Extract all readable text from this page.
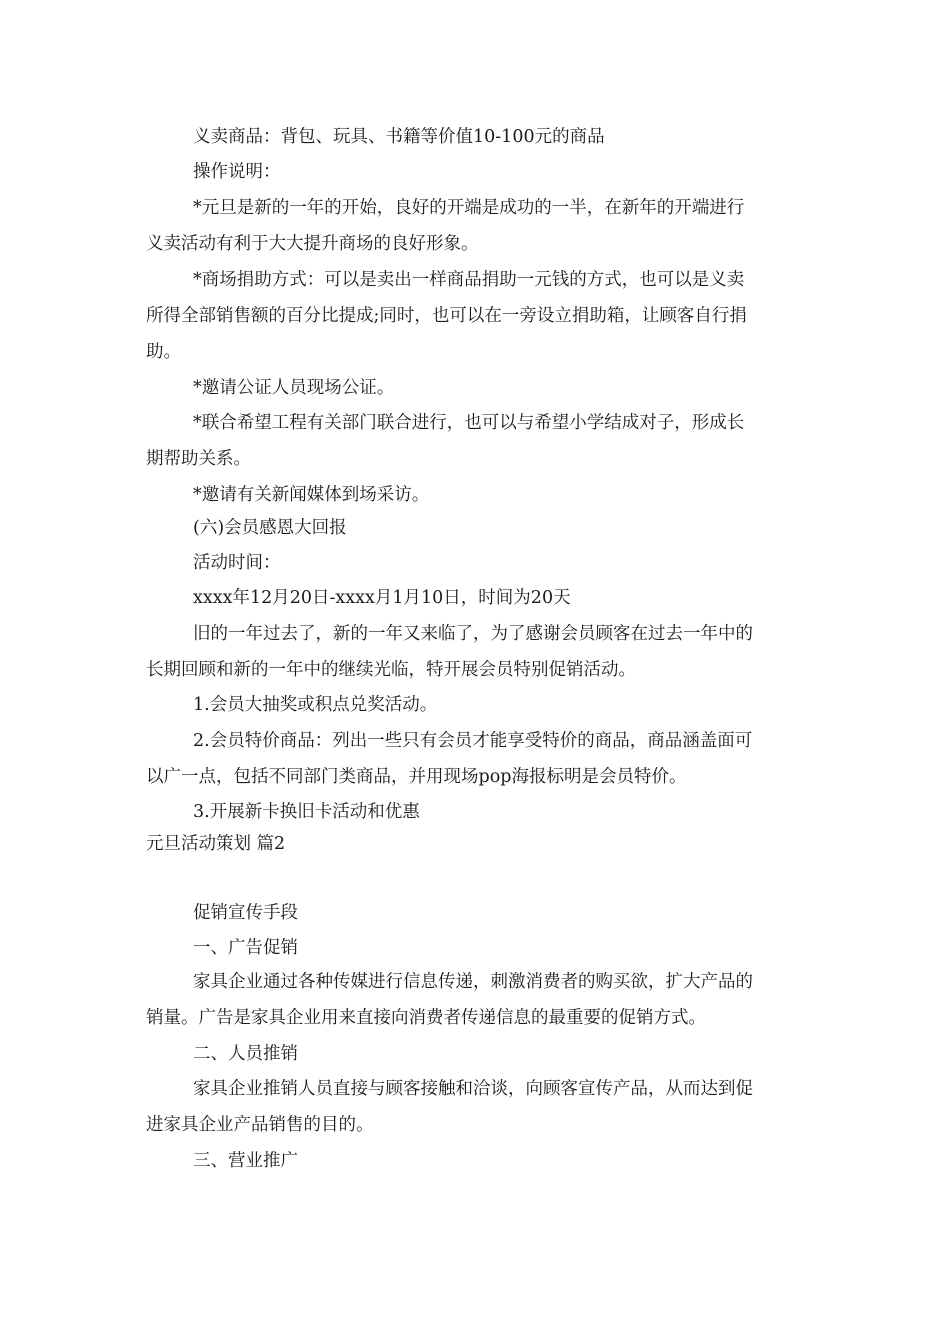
义卖商品：背包、玩具、书籍等价值10-100元的商品
操作说明：
*元旦是新的一年的开始，良好的开端是成功的一半，在新年的开端进行
义卖活动有利于大大提升商场的良好形象。
*商场捐助方式：可以是卖出一样商品捐助一元钱的方式，也可以是义卖
所得全部销售额的百分比提成;同时，也可以在一旁设立捐助箱，让顾客自行捐
助。
*邀请公证人员现场公证。
*联合希望工程有关部门联合进行，也可以与希望小学结成对子，形成长
期帮助关系。
*邀请有关新闻媒体到场采访。
(六)会员感恩大回报
活动时间：
xxxx年12月20日-xxxx月1月10日，时间为20天
旧的一年过去了，新的一年又来临了，为了感谢会员顾客在过去一年中的
长期回顾和新的一年中的继续光临，特开展会员特别促销活动。
1.会员大抽奖或积点兑奖活动。
2.会员特价商品：列出一些只有会员才能享受特价的商品，商品涵盖面可
以广一点，包括不同部门类商品，并用现场pop海报标明是会员特价。
3.开展新卡换旧卡活动和优惠
元旦活动策划 篇2
促销宣传手段
一、广告促销
家具企业通过各种传媒进行信息传递，刺激消费者的购买欲，扩大产品的
销量。广告是家具企业用来直接向消费者传递信息的最重要的促销方式。
二、人员推销
家具企业推销人员直接与顾客接触和洽谈，向顾客宣传产品，从而达到促
进家具企业产品销售的目的。
三、营业推广
